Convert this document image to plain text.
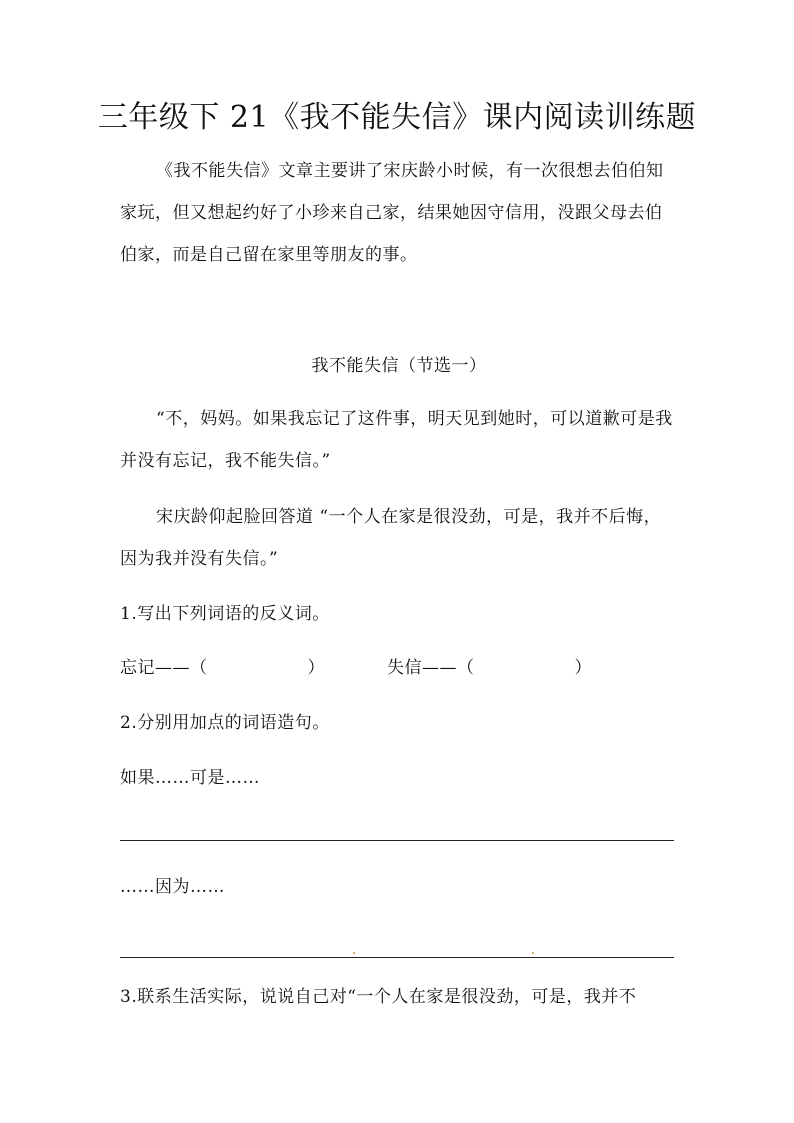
三年级下 21《我不能失信》课内阅读训练题

《我不能失信》文章主要讲了宋庆龄小时候，有一次很想去伯伯知家玩，但又想起约好了小珍来自己家，结果她因守信用，没跟父母去伯伯家，而是自己留在家里等朋友的事。

我不能失信（节选一）

“不，妈妈。如果我忘记了这件事，明天见到她时，可以道歉可是我并没有忘记，我不能失信。”

宋庆龄仰起脸回答道 “一个人在家是很没劲，可是，我并不后悔，因为我并没有失信。”

1.写出下列词语的反义词。

忘记——（	）	失信——（	）

2.分别用加点的词语造句。

如果……可是……

……因为……

3.联系生活实际，说说自己对“一个人在家是很没劲，可是，我并不
